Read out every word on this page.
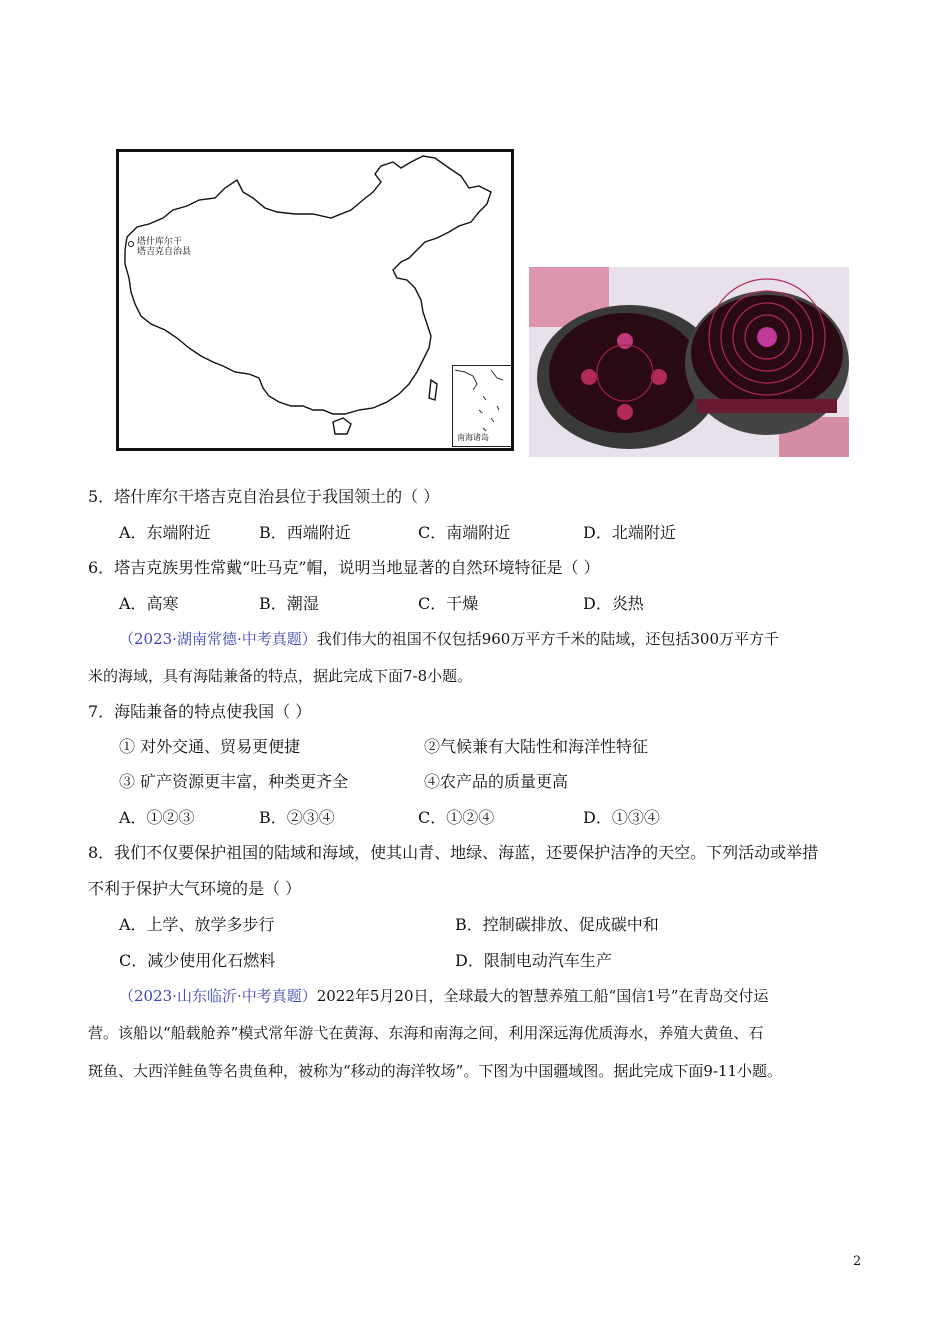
塔什库尔干
塔吉克自治县
南海诸岛
5．塔什库尔干塔吉克自治县位于我国领土的（ ）
A．东端附近	B．西端附近	C．南端附近	D．北端附近
6．塔吉克族男性常戴“吐马克”帽，说明当地显著的自然环境特征是（ ）
A．高寒	B．潮湿	C．干燥	D．炎热
（2023·湖南常德·中考真题）我们伟大的祖国不仅包括960万平方千米的陆域，还包括300万平方千
米的海域，具有海陆兼备的特点，据此完成下面7-8小题。
7．海陆兼备的特点使我国（ ）
① 对外交通、贸易更便捷	②气候兼有大陆性和海洋性特征
③ 矿产资源更丰富，种类更齐全	④农产品的质量更高
A．①②③	B．②③④	C．①②④	D．①③④
8．我们不仅要保护祖国的陆域和海域，使其山青、地绿、海蓝，还要保护洁净的天空。下列活动或举措
不利于保护大气环境的是（ ）
A．上学、放学多步行	B．控制碳排放、促成碳中和
C．减少使用化石燃料	D．限制电动汽车生产
（2023·山东临沂·中考真题）2022年5月20日，全球最大的智慧养殖工船“国信1号”在青岛交付运
营。该船以“船载舱养”模式常年游弋在黄海、东海和南海之间，利用深远海优质海水，养殖大黄鱼、石
斑鱼、大西洋鲑鱼等名贵鱼种，被称为“移动的海洋牧场”。下图为中国疆域图。据此完成下面9-11小题。
2
